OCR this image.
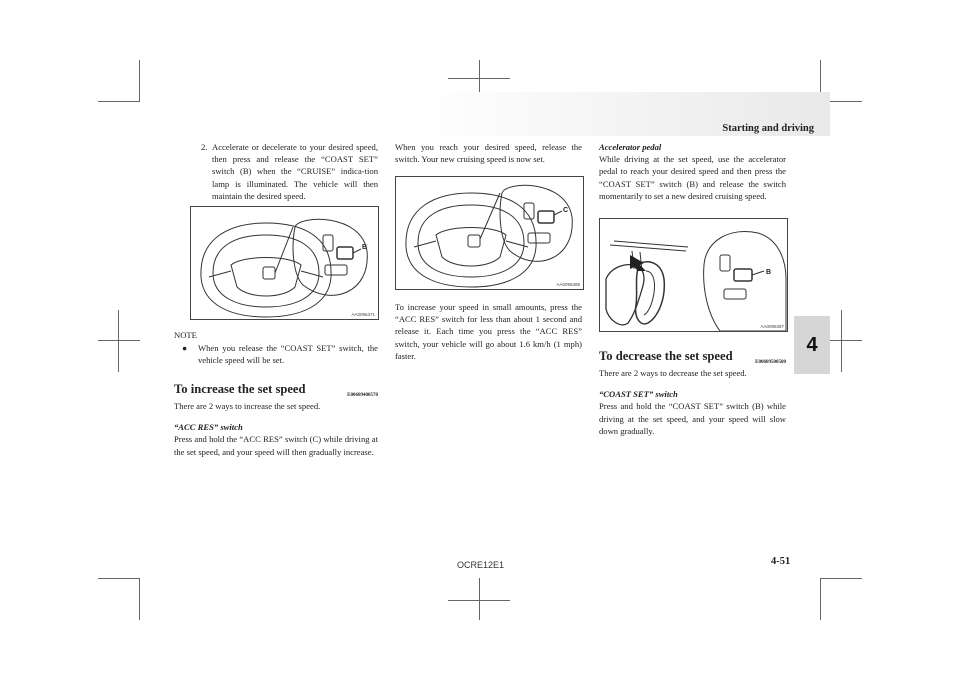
Starting and driving
4
2. Accelerate or decelerate to your desired speed, then press and release the “COAST SET” switch (B) when the “CRUISE” indica-tion lamp is illuminated. The vehicle will then maintain the desired speed.

B
AA0096371

NOTE

● When you release the “COAST SET” switch, the vehicle speed will be set.

To increase the set speed	E00609400570

There are 2 ways to increase the set speed.

“ACC RES” switch

Press and hold the “ACC RES” switch (C) while driving at the set speed, and your speed will then gradually increase.

When you reach your desired speed, release the switch. Your new cruising speed is now set.

C
AA0096388

To increase your speed in small amounts, press the “ACC RES” switch for less than about 1 second and release it. Each time you press the “ACC RES” switch, your vehicle will go about 1.6 km/h (1 mph) faster.

Accelerator pedal

While driving at the set speed, use the accelerator pedal to reach your desired speed and then press the “COAST SET” switch (B) and release the switch momentarily to set a new desired cruising speed.

B
AA0096397
To decrease the set speed	E00609500500

There are 2 ways to decrease the set speed.

“COAST SET” switch

Press and hold the “COAST SET” switch (B) while driving at the set speed, and your speed will slow down gradually.

OCRE12E1	4-51
